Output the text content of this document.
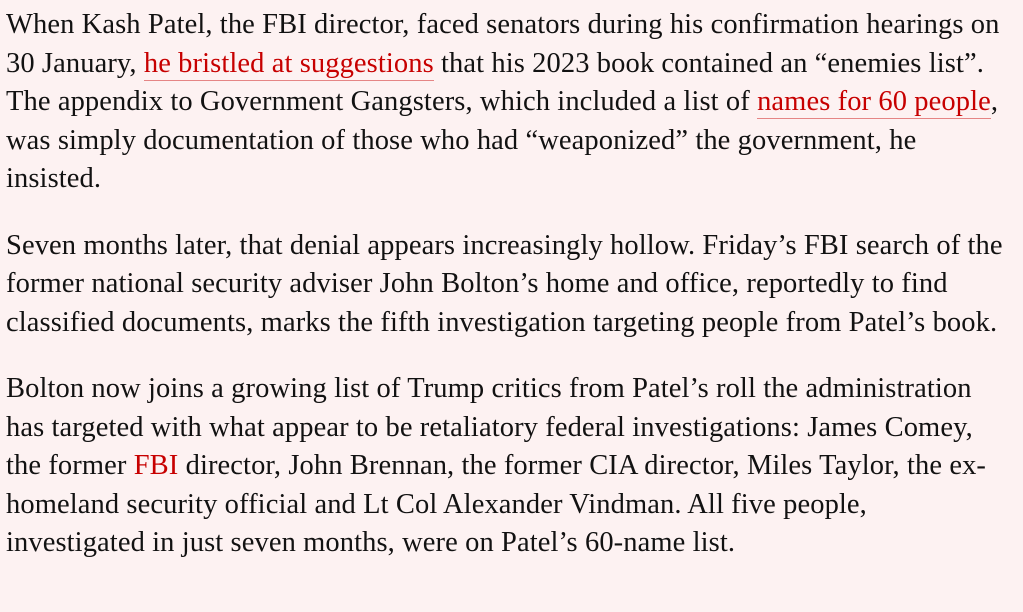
When Kash Patel, the FBI director, faced senators during his confirmation hearings on 30 January, he bristled at suggestions that his 2023 book contained an “enemies list”. The appendix to Government Gangsters, which included a list of names for 60 people, was simply documentation of those who had “weaponized” the government, he insisted.

Seven months later, that denial appears increasingly hollow. Friday’s FBI search of the former national security adviser John Bolton’s home and office, reportedly to find classified documents, marks the fifth investigation targeting people from Patel’s book.

Bolton now joins a growing list of Trump critics from Patel’s roll the administration has targeted with what appear to be retaliatory federal investigations: James Comey, the former FBI director, John Brennan, the former CIA director, Miles Taylor, the ex-homeland security official and Lt Col Alexander Vindman. All five people, investigated in just seven months, were on Patel’s 60-name list.
